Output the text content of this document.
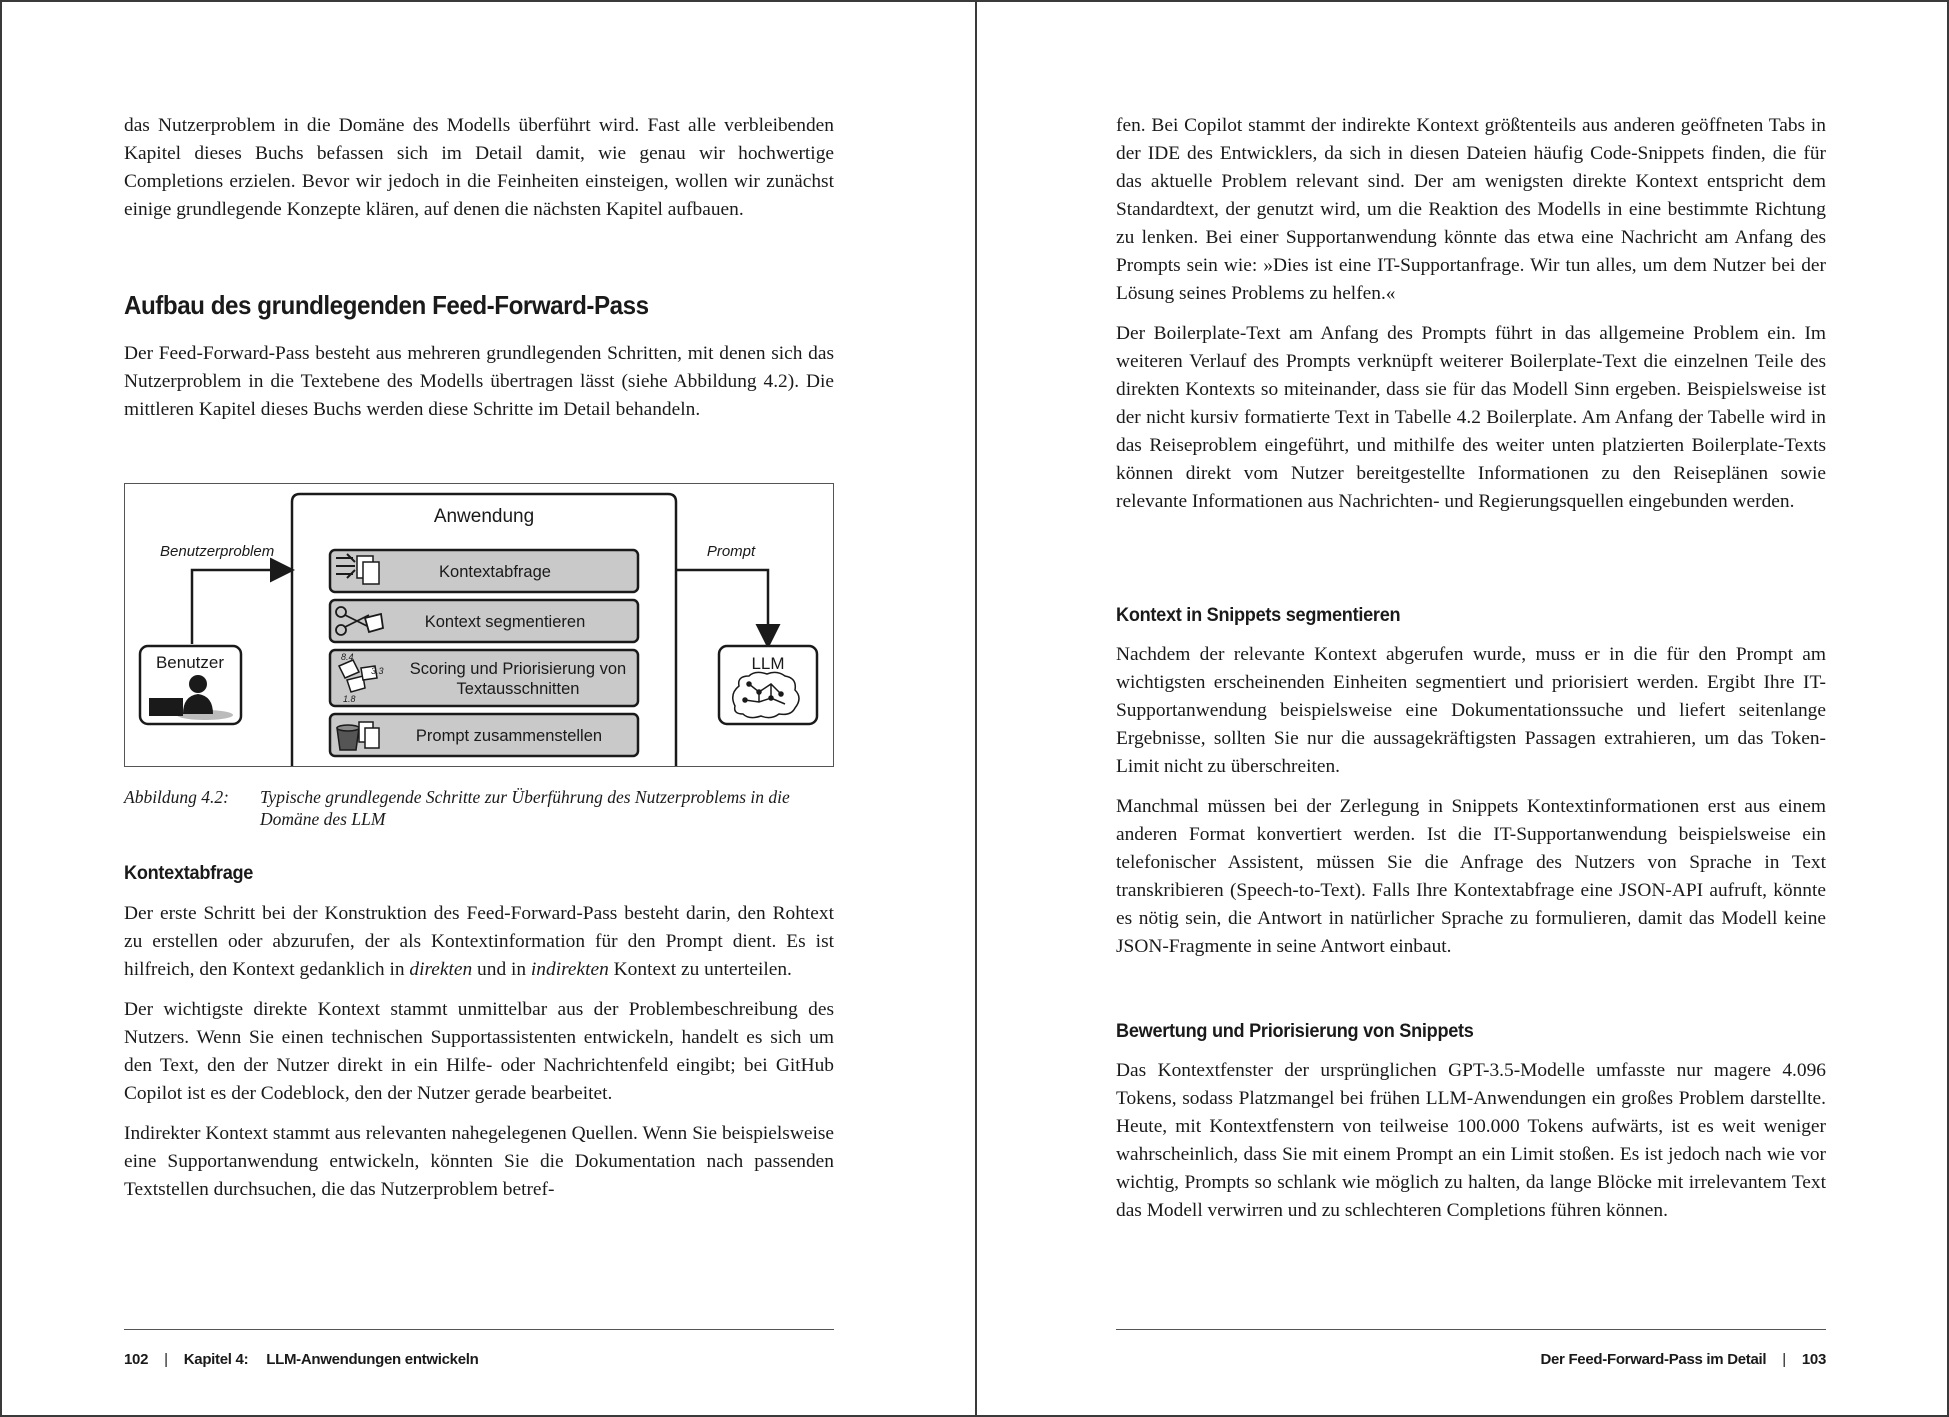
das Nutzerproblem in die Domäne des Modells überführt wird. Fast alle verbleibenden Kapitel dieses Buchs befassen sich im Detail damit, wie genau wir hochwertige Completions erzielen. Bevor wir jedoch in die Feinheiten einsteigen, wollen wir zunächst einige grundlegende Konzepte klären, auf denen die nächsten Kapitel aufbauen.

Aufbau des grundlegenden Feed-Forward-Pass

Der Feed-Forward-Pass besteht aus mehreren grundlegenden Schritten, mit denen sich das Nutzerproblem in die Textebene des Modells übertragen lässt (siehe Abbildung 4.2). Die mittleren Kapitel dieses Buchs werden diese Schritte im Detail behandeln.

Abbildung 4.2: Typische grundlegende Schritte zur Überführung des Nutzerproblems in die Domäne des LLM
Kontextabfrage

Der erste Schritt bei der Konstruktion des Feed-Forward-Pass besteht darin, den Rohtext zu erstellen oder abzurufen, der als Kontextinformation für den Prompt dient. Es ist hilfreich, den Kontext gedanklich in direkten und in indirekten Kontext zu unterteilen.

Der wichtigste direkte Kontext stammt unmittelbar aus der Problembeschreibung des Nutzers. Wenn Sie einen technischen Supportassistenten entwickeln, handelt es sich um den Text, den der Nutzer direkt in ein Hilfe- oder Nachrichtenfeld eingibt; bei GitHub Copilot ist es der Codeblock, den der Nutzer gerade bearbeitet.

Indirekter Kontext stammt aus relevanten nahegelegenen Quellen. Wenn Sie beispielsweise eine Supportanwendung entwickeln, könnten Sie die Dokumentation nach passenden Textstellen durchsuchen, die das Nutzerproblem betref-

102 | Kapitel 4: LLM-Anwendungen entwickeln
Anwendung
Benutzerproblem	Prompt
Benutzer	LLM
Kontextabfrage
Kontext segmentieren
8.4
3.3
1.8
Scoring und Priorisierung von
Textausschnitten
Prompt zusammenstellen

fen. Bei Copilot stammt der indirekte Kontext größtenteils aus anderen geöffneten Tabs in der IDE des Entwicklers, da sich in diesen Dateien häufig Code-Snippets finden, die für das aktuelle Problem relevant sind. Der am wenigsten direkte Kontext entspricht dem Standardtext, der genutzt wird, um die Reaktion des Modells in eine bestimmte Richtung zu lenken. Bei einer Supportanwendung könnte das etwa eine Nachricht am Anfang des Prompts sein wie: »Dies ist eine IT-Supportanfrage. Wir tun alles, um dem Nutzer bei der Lösung seines Problems zu helfen.«

Der Boilerplate-Text am Anfang des Prompts führt in das allgemeine Problem ein. Im weiteren Verlauf des Prompts verknüpft weiterer Boilerplate-Text die einzelnen Teile des direkten Kontexts so miteinander, dass sie für das Modell Sinn ergeben. Beispielsweise ist der nicht kursiv formatierte Text in Tabelle 4.2 Boilerplate. Am Anfang der Tabelle wird in das Reiseproblem eingeführt, und mithilfe des weiter unten platzierten Boilerplate-Texts können direkt vom Nutzer bereitgestellte Informationen zu den Reiseplänen sowie relevante Informationen aus Nachrichten- und Regierungsquellen eingebunden werden.

Kontext in Snippets segmentieren

Nachdem der relevante Kontext abgerufen wurde, muss er in die für den Prompt am wichtigsten erscheinenden Einheiten segmentiert und priorisiert werden. Ergibt Ihre IT-Supportanwendung beispielsweise eine Dokumentationssuche und liefert seitenlange Ergebnisse, sollten Sie nur die aussagekräftigsten Passagen extrahieren, um das Token-Limit nicht zu überschreiten.

Manchmal müssen bei der Zerlegung in Snippets Kontextinformationen erst aus einem anderen Format konvertiert werden. Ist die IT-Supportanwendung beispielsweise ein telefonischer Assistent, müssen Sie die Anfrage des Nutzers von Sprache in Text transkribieren (Speech-to-Text). Falls Ihre Kontextabfrage eine JSON-API aufruft, könnte es nötig sein, die Antwort in natürlicher Sprache zu formulieren, damit das Modell keine JSON-Fragmente in seine Antwort einbaut.

Bewertung und Priorisierung von Snippets

Das Kontextfenster der ursprünglichen GPT-3.5-Modelle umfasste nur magere 4.096 Tokens, sodass Platzmangel bei frühen LLM-Anwendungen ein großes Problem darstellte. Heute, mit Kontextfenstern von teilweise 100.000 Tokens aufwärts, ist es weit weniger wahrscheinlich, dass Sie mit einem Prompt an ein Limit stoßen. Es ist jedoch nach wie vor wichtig, Prompts so schlank wie möglich zu halten, da lange Blöcke mit irrelevantem Text das Modell verwirren und zu schlechteren Completions führen können.

Der Feed-Forward-Pass im Detail | 103
